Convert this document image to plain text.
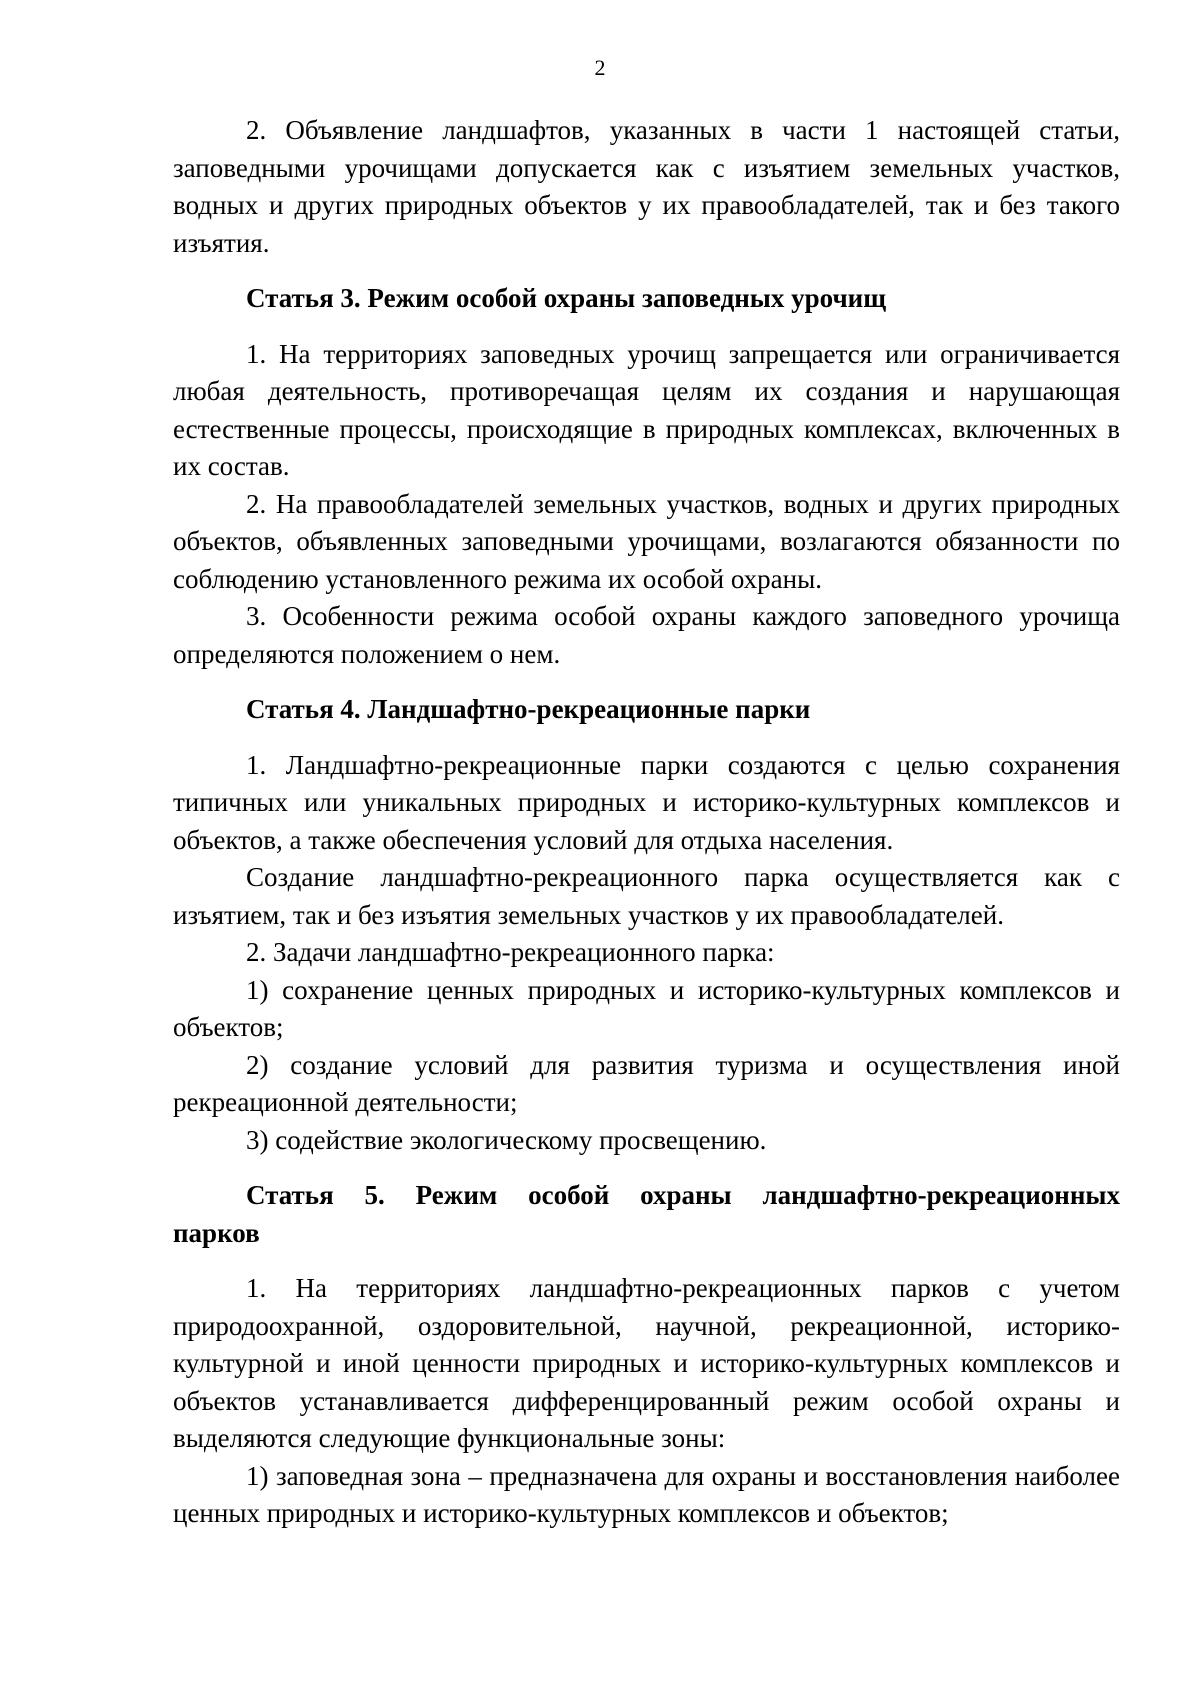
2

2. Объявление ландшафтов, указанных в части 1 настоящей статьи, заповедными урочищами допускается как с изъятием земельных участков, водных и других природных объектов у их правообладателей, так и без такого изъятия.

Статья 3. Режим особой охраны заповедных урочищ

1. На территориях заповедных урочищ запрещается или ограничивается любая деятельность, противоречащая целям их создания и нарушающая естественные процессы, происходящие в природных комплексах, включенных в их состав.

2. На правообладателей земельных участков, водных и других природных объектов, объявленных заповедными урочищами, возлагаются обязанности по соблюдению установленного режима их особой охраны.

3. Особенности режима особой охраны каждого заповедного урочища определяются положением о нем.

Статья 4. Ландшафтно-рекреационные парки

1. Ландшафтно-рекреационные парки создаются с целью сохранения типичных или уникальных природных и историко-культурных комплексов и объектов, а также обеспечения условий для отдыха населения.

Создание ландшафтно-рекреационного парка осуществляется как с изъятием, так и без изъятия земельных участков у их правообладателей.

2. Задачи ландшафтно-рекреационного парка:

1) сохранение ценных природных и историко-культурных комплексов и объектов;

2) создание условий для развития туризма и осуществления иной рекреационной деятельности;

3) содействие экологическому просвещению.

Статья 5. Режим особой охраны ландшафтно-рекреационных
парков

1. На территориях ландшафтно-рекреационных парков с учетом природоохранной, оздоровительной, научной, рекреационной, историко-культурной и иной ценности природных и историко-культурных комплексов и объектов устанавливается дифференцированный режим особой охраны и выделяются следующие функциональные зоны:

1) заповедная зона – предназначена для охраны и восстановления наиболее ценных природных и историко-культурных комплексов и объектов;
